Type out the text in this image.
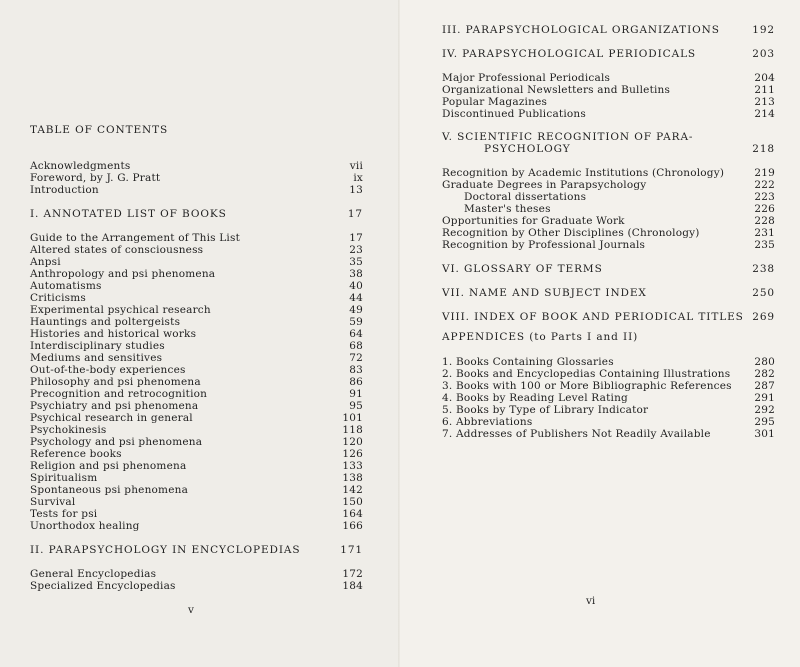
TABLE OF CONTENTS
Acknowledgments	vii
Foreword, by J. G. Pratt	ix
Introduction	13
I. ANNOTATED LIST OF BOOKS	17
Guide to the Arrangement of This List	17
Altered states of consciousness	23
Anpsi	35
Anthropology and psi phenomena	38
Automatisms	40
Criticisms	44
Experimental psychical research	49
Hauntings and poltergeists	59
Histories and historical works	64
Interdisciplinary studies	68
Mediums and sensitives	72
Out-of-the-body experiences	83
Philosophy and psi phenomena	86
Precognition and retrocognition	91
Psychiatry and psi phenomena	95
Psychical research in general	101
Psychokinesis	118
Psychology and psi phenomena	120
Reference books	126
Religion and psi phenomena	133
Spiritualism	138
Spontaneous psi phenomena	142
Survival	150
Tests for psi	164
Unorthodox healing	166
II. PARAPSYCHOLOGY IN ENCYCLOPEDIAS	171
General Encyclopedias	172
Specialized Encyclopedias	184
v
III. PARAPSYCHOLOGICAL ORGANIZATIONS	192
IV. PARAPSYCHOLOGICAL PERIODICALS	203
Major Professional Periodicals	204
Organizational Newsletters and Bulletins	211
Popular Magazines	213
Discontinued Publications	214
V. SCIENTIFIC RECOGNITION OF PARA-
PSYCHOLOGY	218
Recognition by Academic Institutions (Chronology)	219
Graduate Degrees in Parapsychology	222
Doctoral dissertations	223
Master's theses	226
Opportunities for Graduate Work	228
Recognition by Other Disciplines (Chronology)	231
Recognition by Professional Journals	235
VI. GLOSSARY OF TERMS	238
VII. NAME AND SUBJECT INDEX	250
VIII. INDEX OF BOOK AND PERIODICAL TITLES 269
APPENDICES (to Parts I and II)
1. Books Containing Glossaries	280
2. Books and Encyclopedias Containing Illustrations 282
3. Books with 100 or More Bibliographic References 287
4. Books by Reading Level Rating	291
5. Books by Type of Library Indicator	292
6. Abbreviations	295
7. Addresses of Publishers Not Readily Available	301
vi
